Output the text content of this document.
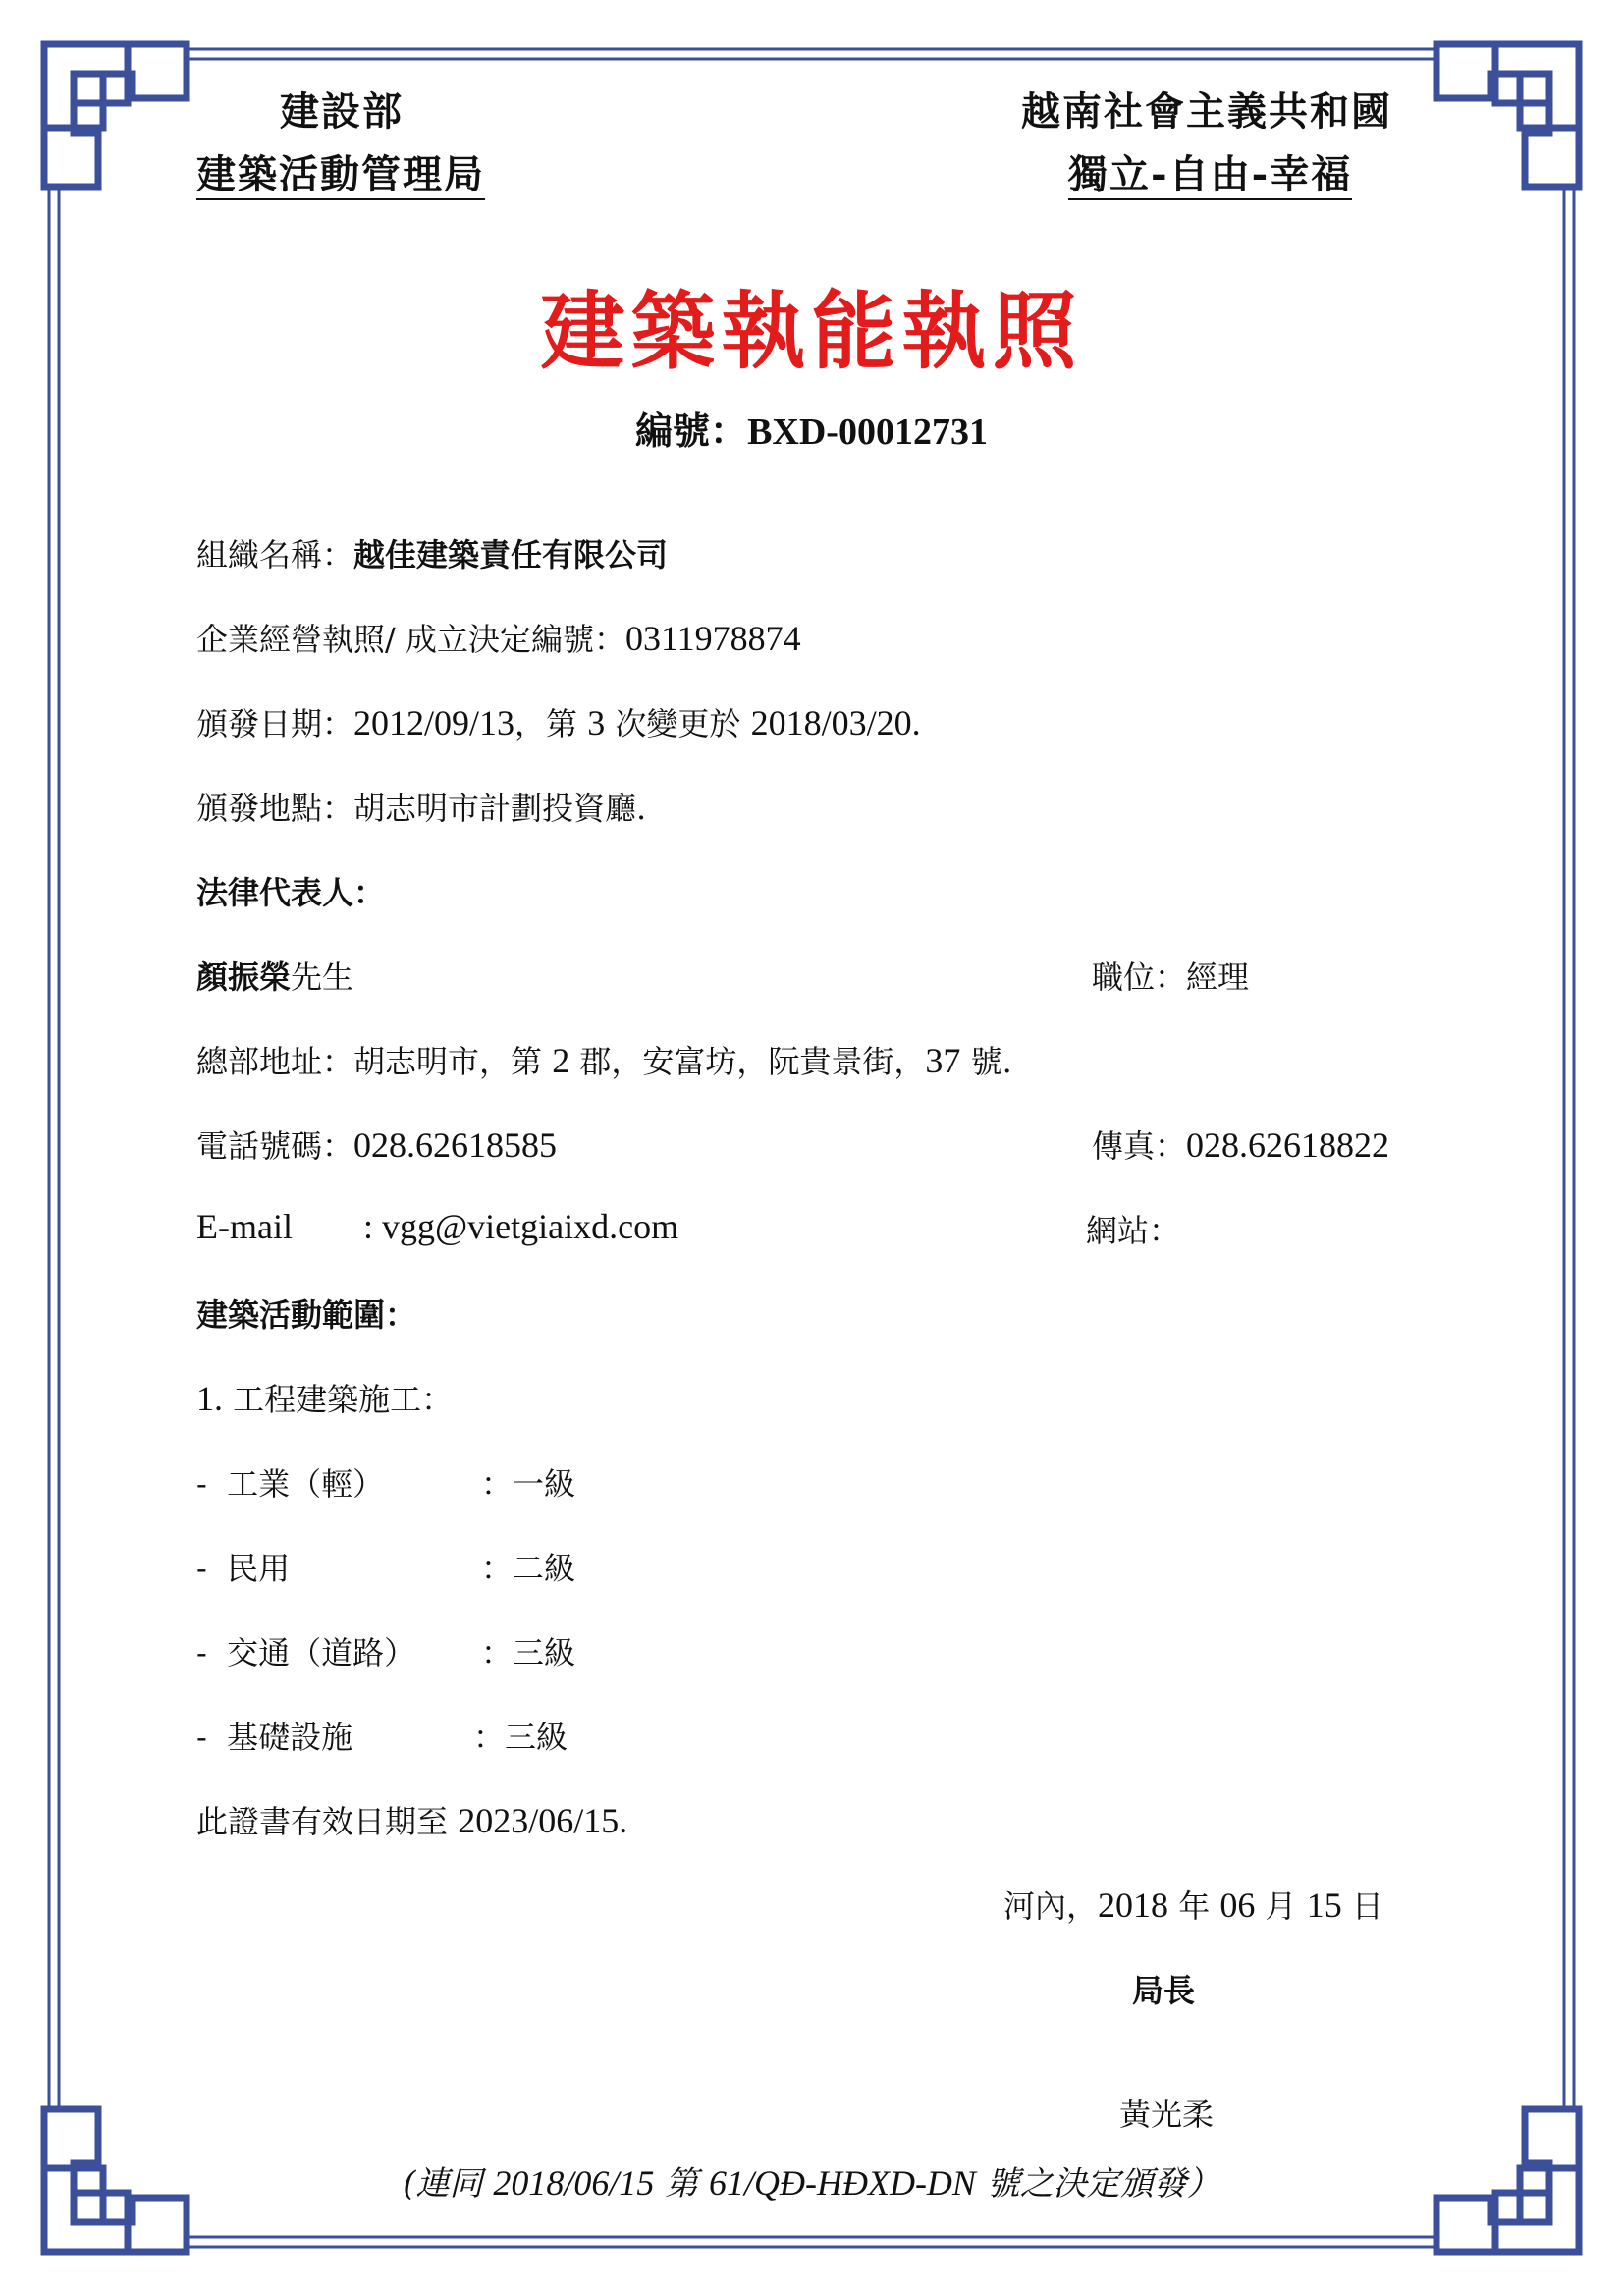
建設部
建築活動管理局
越南社會主義共和國
獨立-自由-幸福
建築執能執照
編號：BXD-00012731
組織名稱：越佳建築責任有限公司
企業經營執照/ 成立決定編號：0311978874
頒發日期：2012/09/13，第 3 次變更於 2018/03/20.
頒發地點：胡志明市計劃投資廳.
法律代表人：
顏振榮先生	職位：經理
總部地址：胡志明市，第 2 郡，安富坊，阮貴景街，37 號.
電話號碼：028.62618585	傳真：028.62618822
E-mail : vgg@vietgiaixd.com	網站：
建築活動範圍：
1. 工程建築施工：
- 工業（輕）	：一級
- 民用	：二級
- 交通（道路） ：三級
- 基礎設施	：三級
此證書有效日期至 2023/06/15.
河內，2018 年 06 月 15 日
局長
黃光柔
(連同 2018/06/15 第 61/QĐ-HĐXD-DN 號之決定頒發）
